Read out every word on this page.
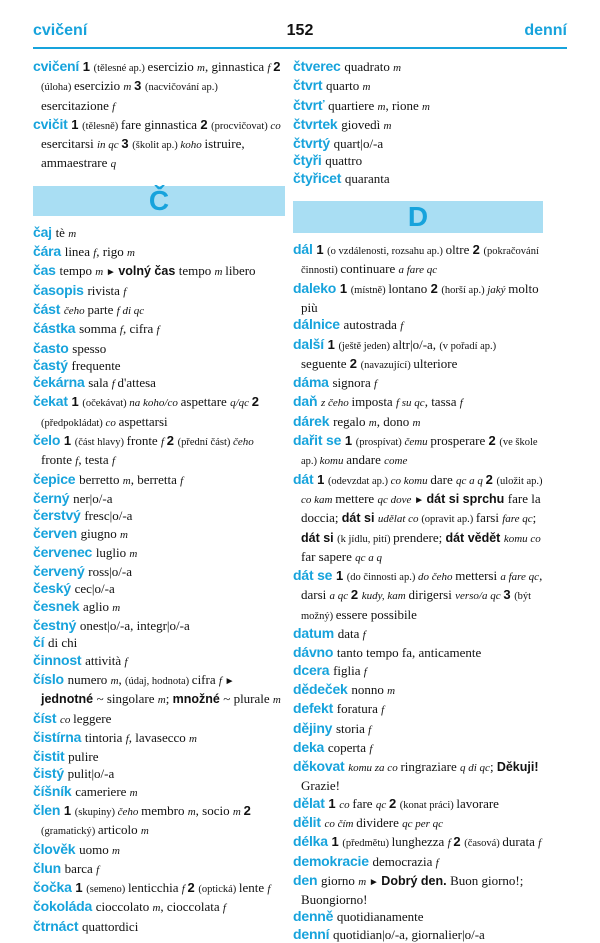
cvičení	152	denní
cvičení 1 (tělesné ap.) esercizio m, ginnastica f 2 (úloha) esercizio m 3 (nacvičování ap.) esercitazione f
cvičit 1 (tělesně) fare ginnastica 2 (procvičovat) co esercitarsi in qc 3 (školit ap.) koho istruire, ammaestrare q
Č
čaj tè m
čára linea f, rigo m
čas tempo m ► volný čas tempo m libero
časopis rivista f
část čeho parte f di qc
částka somma f, cifra f
často spesso
častý frequente
čekárna sala f d'attesa
čekat 1 (očekávat) na koho/co aspettare q/qc 2 (předpokládat) co aspettarsi
čelo 1 (část hlavy) fronte f 2 (přední část) čeho fronte f, testa f
čepice berretto m, berretta f
černý ner|o/-a
čerstvý fresc|o/-a
červen giugno m
červenec luglio m
červený ross|o/-a
český cec|o/-a
česnek aglio m
čestný onest|o/-a, integr|o/-a
čí di chi
činnost attività f
číslo numero m, (údaj, hodnota) cifra f ► jednotné ~ singolare m; množné ~ plurale m
číst co leggere
čistírna tintoria f, lavasecco m
čistit pulire
čistý pulit|o/-a
číšník cameriere m
člen 1 (skupiny) čeho membro m, socio m 2 (gramatický) articolo m
člověk uomo m
člun barca f
čočka 1 (semeno) lenticchia f 2 (optická) lente f
čokoláda cioccolato m, cioccolata f
čtrnáct quattordici
čtverec quadrato m
čtvrt quarto m
čtvrť quartiere m, rione m
čtvrtek giovedì m
čtvrtý quart|o/-a
čtyři quattro
čtyřicet quaranta
D
dál 1 (o vzdálenosti, rozsahu ap.) oltre 2 (pokračování činnosti) continuare a fare qc
daleko 1 (místně) lontano 2 (horší ap.) jaký molto più
dálnice autostrada f
další 1 (ještě jeden) altr|o/-a, (v pořadí ap.) seguente 2 (navazující) ulteriore
dáma signora f
daň z čeho imposta f su qc, tassa f
dárek regalo m, dono m
dařit se 1 (prospívat) čemu prosperare 2 (ve škole ap.) komu andare come
dát 1 (odevzdat ap.) co komu dare qc a q 2 (uložit ap.) co kam mettere qc dove ► dát si sprchu fare la doccia; dát si udělat co (opravit ap.) farsi fare qc; dát si (k jídlu, pití) prendere; dát vědět komu co far sapere qc a q
dát se 1 (do činnosti ap.) do čeho mettersi a fare qc, darsi a qc 2 kudy, kam dirigersi verso/a qc 3 (být možný) essere possibile
datum data f
dávno tanto tempo fa, anticamente
dcera figlia f
dědeček nonno m
defekt foratura f
dějiny storia f
deka coperta f
děkovat komu za co ringraziare q di qc; Děkuji! Grazie!
dělat 1 co fare qc 2 (konat práci) lavorare
dělit co čím dividere qc per qc
délka 1 (předmětu) lunghezza f 2 (časová) durata f
demokracie democrazia f
den giorno m ► Dobrý den. Buon giorno!; Buongiorno!
denně quotidianamente
denní quotidian|o/-a, giornalier|o/-a
